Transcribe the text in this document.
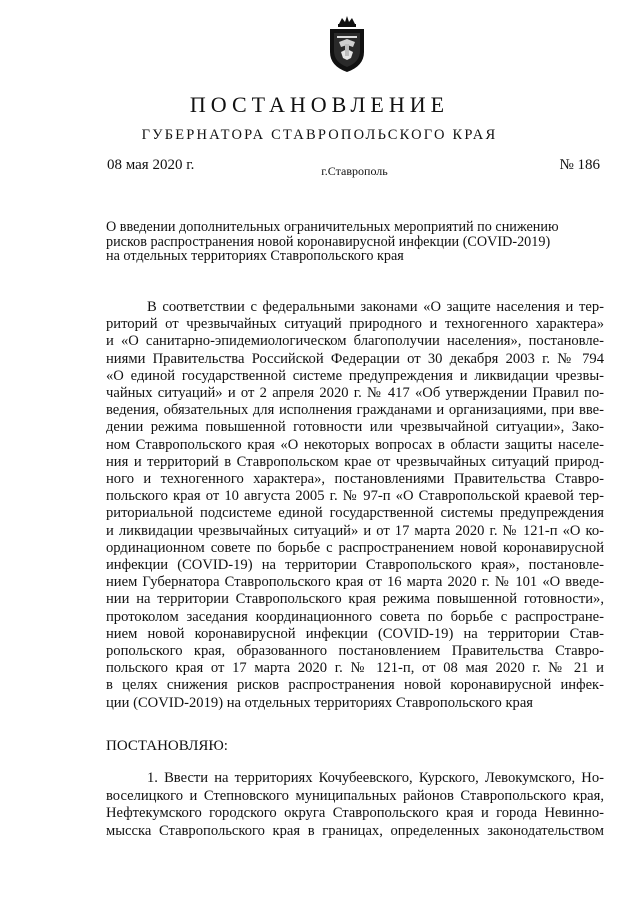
ПОСТАНОВЛЕНИЕ
ГУБЕРНАТОРА СТАВРОПОЛЬСКОГО КРАЯ
08 мая 2020 г.	г.Ставрополь	№ 186
О введении дополнительных ограничительных мероприятий по снижению
рисков распространения новой коронавирусной инфекции (COVID-2019)
на отдельных территориях Ставропольского края
В соответствии с федеральными законами «О защите населения и тер-
риторий от чрезвычайных ситуаций природного и техногенного характера»
и «О санитарно-эпидемиологическом благополучии населения», постановле-
ниями Правительства Российской Федерации от 30 декабря 2003 г. № 794
«О единой государственной системе предупреждения и ликвидации чрезвы-
чайных ситуаций» и от 2 апреля 2020 г. № 417 «Об утверждении Правил по-
ведения, обязательных для исполнения гражданами и организациями, при вве-
дении режима повышенной готовности или чрезвычайной ситуации», Зако-
ном Ставропольского края «О некоторых вопросах в области защиты населе-
ния и территорий в Ставропольском крае от чрезвычайных ситуаций природ-
ного и техногенного характера», постановлениями Правительства Ставро-
польского края от 10 августа 2005 г. № 97-п «О Ставропольской краевой тер-
риториальной подсистеме единой государственной системы предупреждения
и ликвидации чрезвычайных ситуаций» и от 17 марта 2020 г. № 121-п «О ко-
ординационном совете по борьбе с распространением новой коронавирусной
инфекции (COVID-19) на территории Ставропольского края», постановле-
нием Губернатора Ставропольского края от 16 марта 2020 г. № 101 «О введе-
нии на территории Ставропольского края режима повышенной готовности»,
протоколом заседания координационного совета по борьбе с распростране-
нием новой коронавирусной инфекции (COVID-19) на территории Став-
ропольского края, образованного постановлением Правительства Ставро-
польского края от 17 марта 2020 г. № 121-п, от 08 мая 2020 г. № 21 и
в целях снижения рисков распространения новой коронавирусной инфек-
ции (COVID-2019) на отдельных территориях Ставропольского края
ПОСТАНОВЛЯЮ:
1. Ввести на территориях Кочубеевского, Курского, Левокумского, Но-
воселицкого и Степновского муниципальных районов Ставропольского края,
Нефтекумского городского округа Ставропольского края и города Невинно-
мысска Ставропольского края в границах, определенных законодательством
